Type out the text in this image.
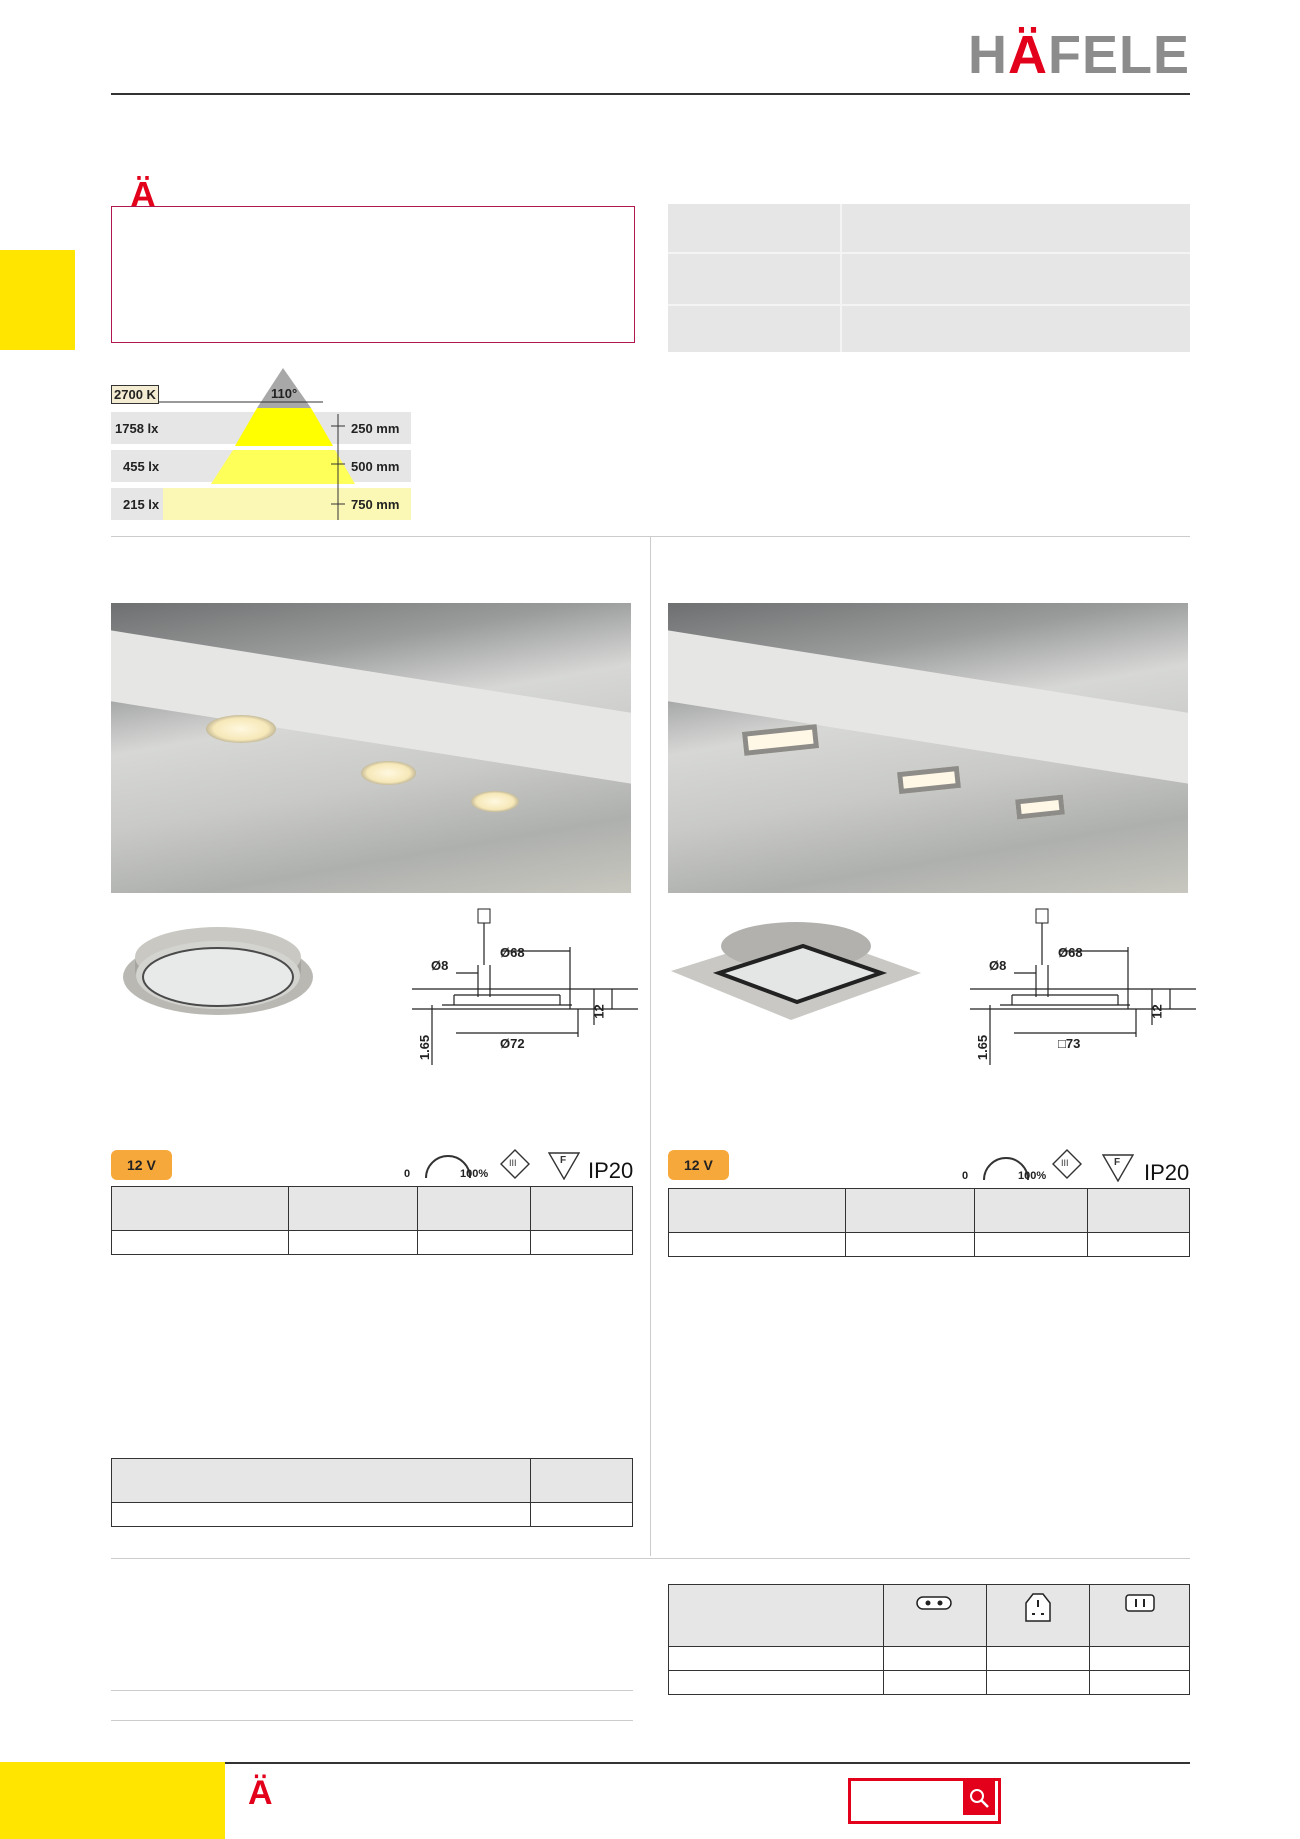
HÄFELE
Ä
2700 K	110°
1758 lx
455 lx
215 lx
250 mm
500 mm
750 mm
Ø8
Ø68
Ø72
12
1.65
Ø8
Ø68
□73
12
1.65
12 V
0	100%
III	F IP20	12 V
0	100%
III	F IP20

Ä
